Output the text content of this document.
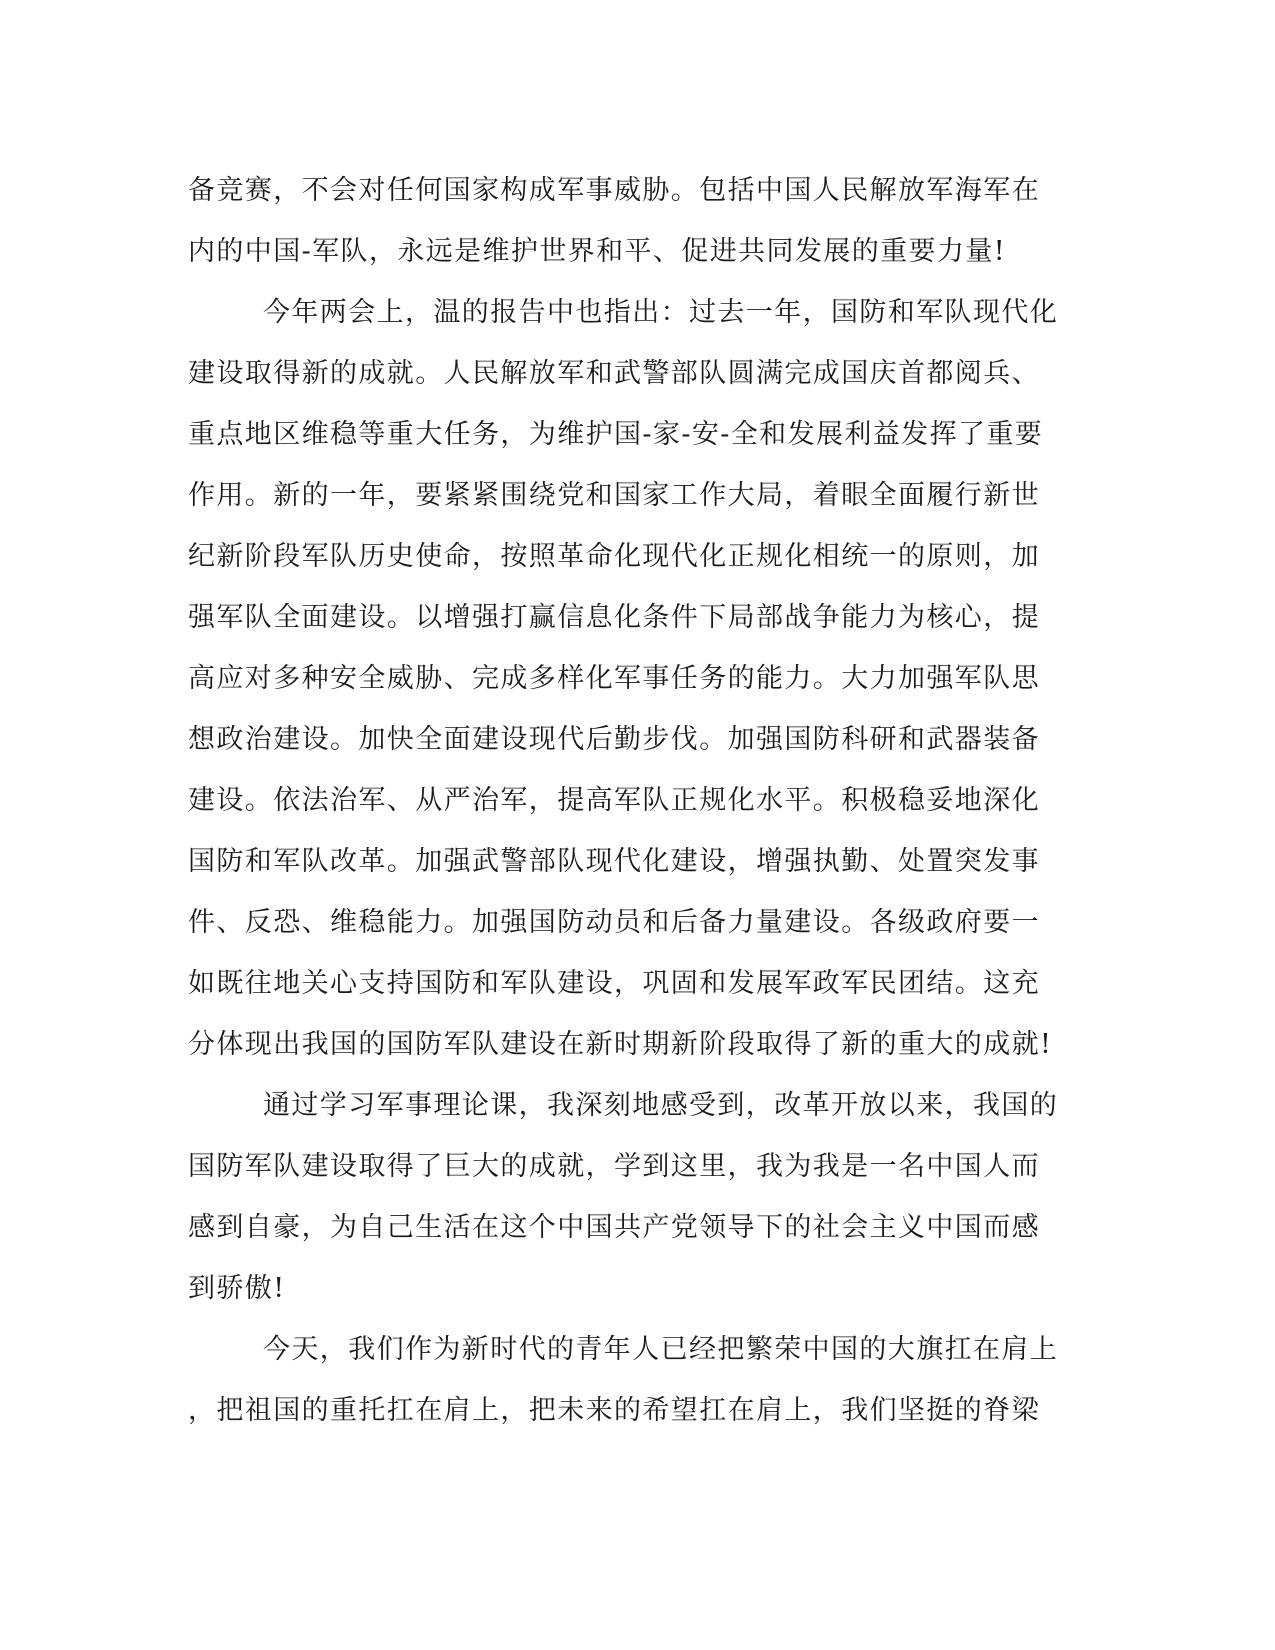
备竞赛，不会对任何国家构成军事威胁。包括中国人民解放军海军在
内的中国-军队，永远是维护世界和平、促进共同发展的重要力量!
今年两会上，温的报告中也指出：过去一年，国防和军队现代化
建设取得新的成就。人民解放军和武警部队圆满完成国庆首都阅兵、
重点地区维稳等重大任务，为维护国-家-安-全和发展利益发挥了重要
作用。新的一年，要紧紧围绕党和国家工作大局，着眼全面履行新世
纪新阶段军队历史使命，按照革命化现代化正规化相统一的原则，加
强军队全面建设。以增强打赢信息化条件下局部战争能力为核心，提
高应对多种安全威胁、完成多样化军事任务的能力。大力加强军队思
想政治建设。加快全面建设现代后勤步伐。加强国防科研和武器装备
建设。依法治军、从严治军，提高军队正规化水平。积极稳妥地深化
国防和军队改革。加强武警部队现代化建设，增强执勤、处置突发事
件、反恐、维稳能力。加强国防动员和后备力量建设。各级政府要一
如既往地关心支持国防和军队建设，巩固和发展军政军民团结。这充
分体现出我国的国防军队建设在新时期新阶段取得了新的重大的成就!
通过学习军事理论课，我深刻地感受到，改革开放以来，我国的
国防军队建设取得了巨大的成就，学到这里，我为我是一名中国人而
感到自豪，为自己生活在这个中国共产党领导下的社会主义中国而感
到骄傲!
今天，我们作为新时代的青年人已经把繁荣中国的大旗扛在肩上
，把祖国的重托扛在肩上，把未来的希望扛在肩上，我们坚挺的脊梁
